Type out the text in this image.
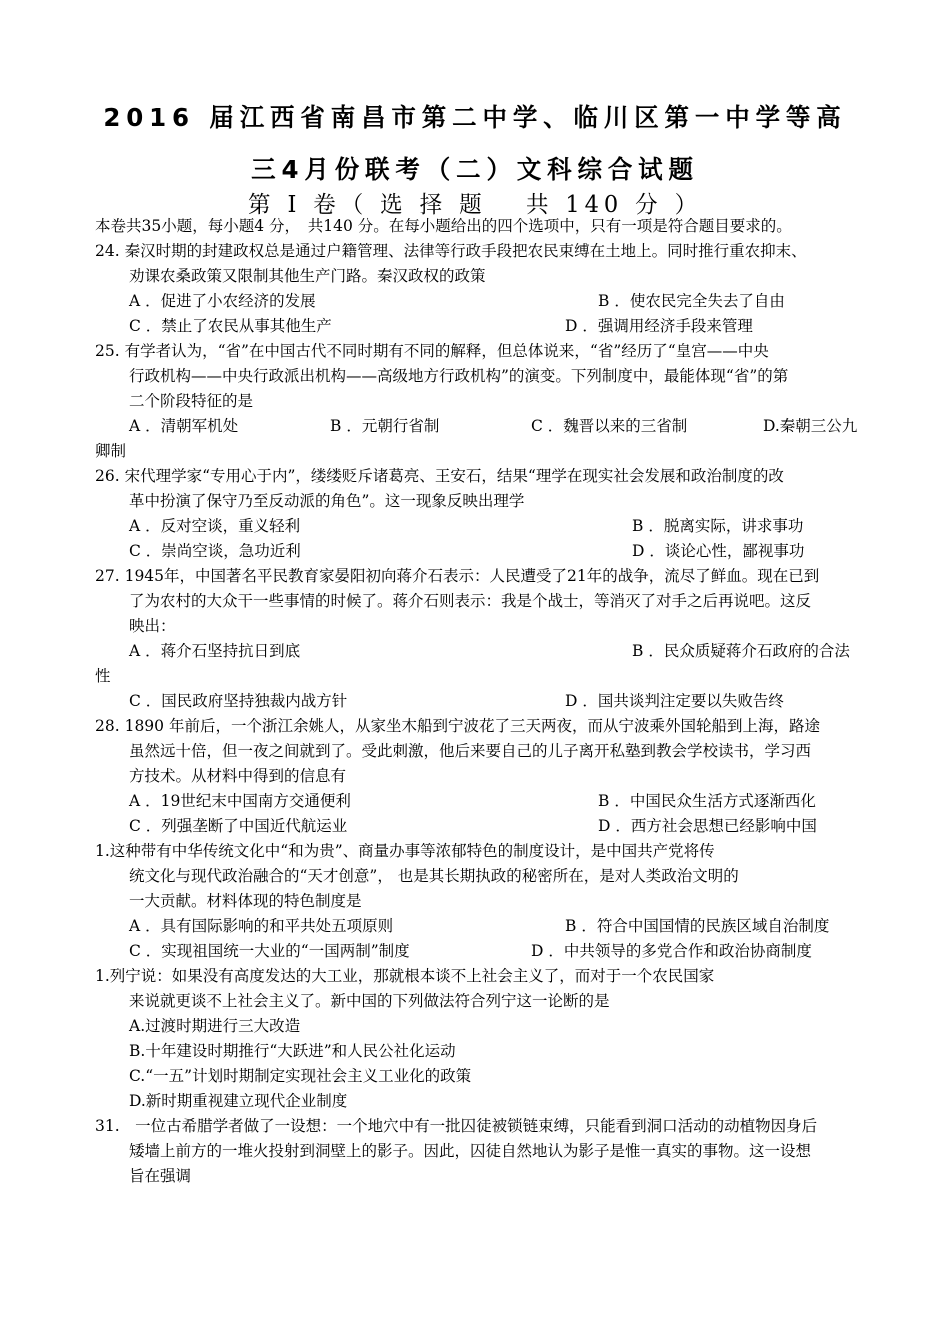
2016 届江西省南昌市第二中学、临川区第一中学等高
三4月份联考（二）文科综合试题
第 I 卷（ 选 择 题　 共 140 分 ）
本卷共35小题，每小题4 分，　共140 分。在每小题给出的四个选项中，只有一项是符合题目要求的。
24. 秦汉时期的封建政权总是通过户籍管理、法律等行政手段把农民束缚在土地上。同时推行重农抑末、
劝课农桑政策又限制其他生产门路。秦汉政权的政策
A ．促进了小农经济的发展	B ．使农民完全失去了自由
C ．禁止了农民从事其他生产	D ．强调用经济手段来管理
25. 有学者认为，“省”在中国古代不同时期有不同的解释，但总体说来，“省”经历了“皇宫——中央
行政机构——中央行政派出机构——高级地方行政机构”的演变。下列制度中，最能体现“省”的第
二个阶段特征的是
A ．清朝军机处	B ．元朝行省制	C ．魏晋以来的三省制	D.秦朝三公九
卿制
26. 宋代理学家“专用心于内”，缕缕贬斥诸葛亮、王安石，结果“理学在现实社会发展和政治制度的改
革中扮演了保守乃至反动派的角色”。这一现象反映出理学
A ．反对空谈，重义轻利	B ．脱离实际，讲求事功
C ．崇尚空谈，急功近利	D ．谈论心性，鄙视事功
27. 1945年，中国著名平民教育家晏阳初向蒋介石表示：人民遭受了21年的战争，流尽了鲜血。现在已到
了为农村的大众干一些事情的时候了。蒋介石则表示：我是个战士，等消灭了对手之后再说吧。这反
映出：
A ．蒋介石坚持抗日到底	B ．民众质疑蒋介石政府的合法
性
C ．国民政府坚持独裁内战方针	D ．国共谈判注定要以失败告终
28. 1890 年前后，一个浙江余姚人，从家坐木船到宁波花了三天两夜，而从宁波乘外国轮船到上海，路途
虽然远十倍，但一夜之间就到了。受此刺激，他后来要自己的儿子离开私塾到教会学校读书，学习西
方技术。从材料中得到的信息有
A ．19世纪末中国南方交通便利	B ．中国民众生活方式逐渐西化
C ．列强垄断了中国近代航运业	D ．西方社会思想已经影响中国
1.这种带有中华传统文化中“和为贵”、商量办事等浓郁特色的制度设计，是中国共产党将传
统文化与现代政治融合的“天才创意”， 也是其长期执政的秘密所在，是对人类政治文明的
一大贡献。材料体现的特色制度是
A ．具有国际影响的和平共处五项原则	B ．符合中国国情的民族区域自治制度
C ．实现祖国统一大业的“一国两制”制度	D ．中共领导的多党合作和政治协商制度
1.列宁说：如果没有高度发达的大工业，那就根本谈不上社会主义了，而对于一个农民国家
来说就更谈不上社会主义了。新中国的下列做法符合列宁这一论断的是
A.过渡时期进行三大改造
B.十年建设时期推行“大跃进”和人民公社化运动
C.“一五”计划时期制定实现社会主义工业化的政策
D.新时期重视建立现代企业制度
31.　一位古希腊学者做了一设想：一个地穴中有一批囚徒被锁链束缚，只能看到洞口活动的动植物因身后
矮墙上前方的一堆火投射到洞壁上的影子。因此，囚徒自然地认为影子是惟一真实的事物。这一设想
旨在强调
